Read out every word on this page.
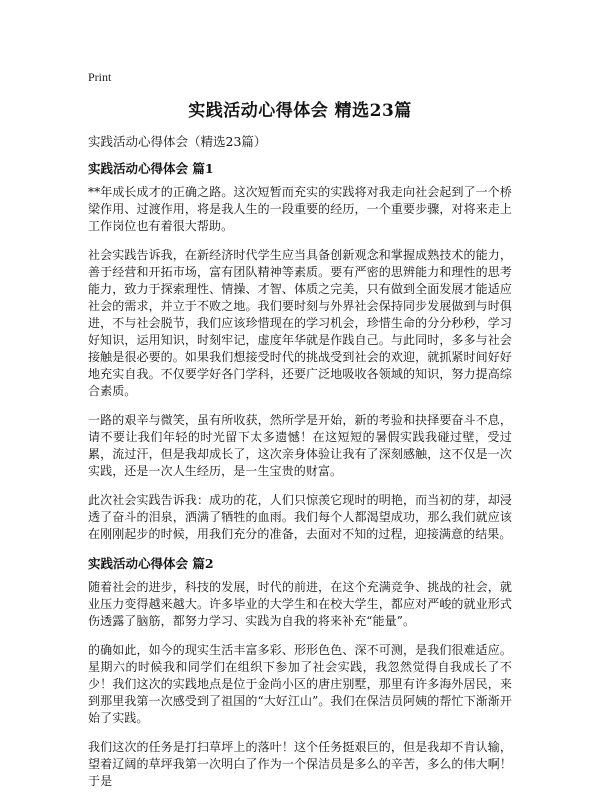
Print
实践活动心得体会 精选23篇
实践活动心得体会（精选23篇）
实践活动心得体会 篇1

**年成长成才的正确之路。这次短暂而充实的实践将对我走向社会起到了一个桥梁作用、过渡作用，将是我人生的一段重要的经历，一个重要步骤，对将来走上工作岗位也有着很大帮助。

社会实践告诉我，在新经济时代学生应当具备创新观念和掌握成熟技术的能力，善于经营和开拓市场，富有团队精神等素质。要有严密的思辨能力和理性的思考能力，致力于探索理性、情操、才智、体质之完美，只有做到全面发展才能适应社会的需求，并立于不败之地。我们要时刻与外界社会保持同步发展做到与时俱进，不与社会脱节，我们应该珍惜现在的学习机会，珍惜生命的分分秒秒，学习好知识，运用知识，时刻牢记，虚度年华就是作践自己。与此同时，多多与社会接触是很必要的。如果我们想接受时代的挑战受到社会的欢迎，就抓紧时间好好地充实自我。不仅要学好各门学科，还要广泛地吸收各领域的知识，努力提高综合素质。

一路的艰辛与微笑，虽有所收获，然所学是开始，新的考验和抉择要奋斗不息，请不要让我们年轻的时光留下太多遗憾！在这短短的暑假实践我碰过壁，受过累，流过汗，但是我却成长了，这次亲身体验让我有了深刻感触，这不仅是一次实践，还是一次人生经历，是一生宝贵的财富。

此次社会实践告诉我：成功的花，人们只惊羡它现时的明艳，而当初的芽，却浸透了奋斗的泪泉，洒满了牺牲的血雨。我们每个人都渴望成功，那么我们就应该在刚刚起步的时候，用我们充分的准备，去面对不知的过程，迎接满意的结果。

实践活动心得体会 篇2

随着社会的进步，科技的发展，时代的前进，在这个充满竞争、挑战的社会，就业压力变得越来越大。许多毕业的大学生和在校大学生，都应对严峻的就业形式伤透露了脑筋，都努力学习、实践为自我的将来补充“能量”。

的确如此，如今的现实生活丰富多彩、形形色色、深不可测，是我们很难适应。星期六的时候我和同学们在组织下参加了社会实践，我忽然觉得自我成长了不少！我们这次的实践地点是位于金尚小区的唐庄别墅，那里有许多海外居民，来到那里我第一次感受到了祖国的“大好江山”。我们在保洁员阿姨的帮忙下渐渐开始了实践。

我们这次的任务是打扫草坪上的落叶！这个任务挺艰巨的，但是我却不肯认输，望着辽阔的草坪我第一次明白了作为一个保洁员是多么的辛苦，多么的伟大啊！于是
